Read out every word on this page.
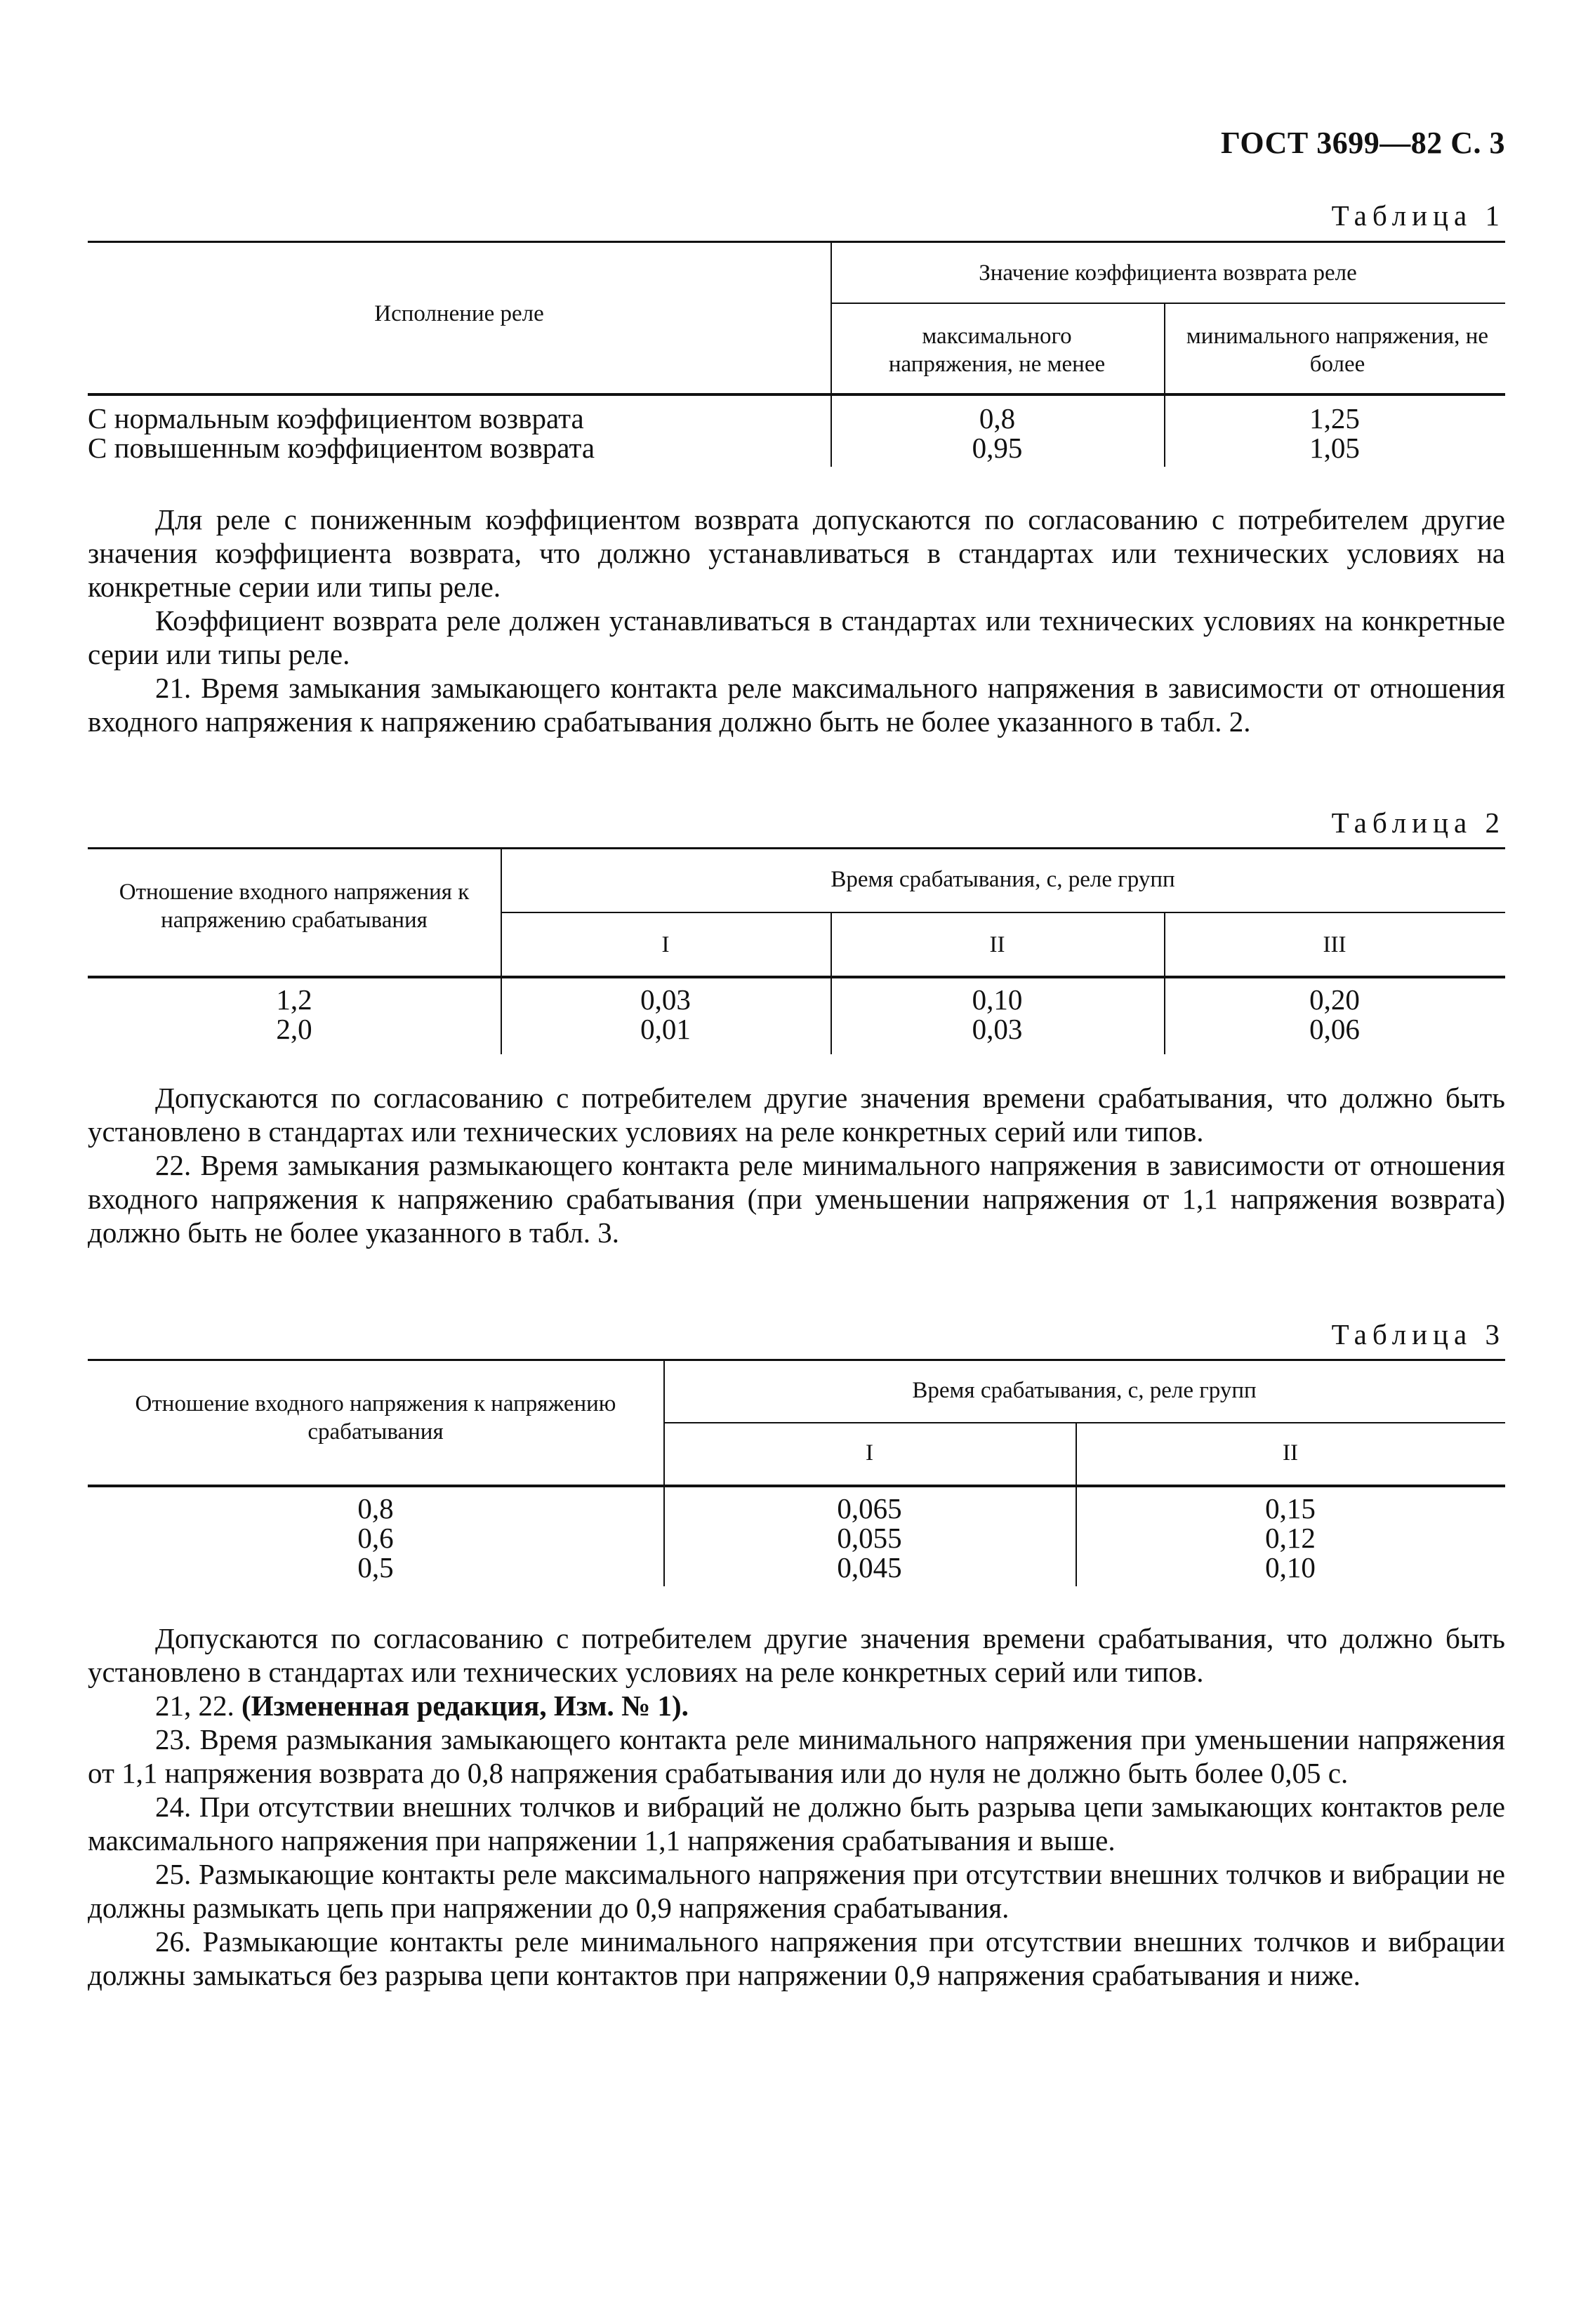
ГОСТ 3699—82 С. 3
Таблица 1
Исполнение реле
Значение коэффициента возврата реле
максимального напряжения, не менее
минимального напряжения, не более
С нормальным коэффициентом возврата	0,8	1,25
С повышенным коэффициентом возврата	0,95	1,05

Для реле с пониженным коэффициентом возврата допускаются по согласованию с потребителем другие значения коэффициента возврата, что должно устанавливаться в стандартах или технических условиях на конкретные серии или типы реле.

Коэффициент возврата реле должен устанавливаться в стандартах или технических условиях на конкретные серии или типы реле.

21. Время замыкания замыкающего контакта реле максимального напряжения в зависимости от отношения входного напряжения к напряжению срабатывания должно быть не более указанного в табл. 2.

Таблица 2
Отношение входного напряжения к напряжению срабатывания
Время срабатывания, с, реле групп
I	II	III
1,2	0,03	0,10	0,20
2,0	0,01	0,03	0,06

Допускаются по согласованию с потребителем другие значения времени срабатывания, что должно быть установлено в стандартах или технических условиях на реле конкретных серий или типов.

22. Время замыкания размыкающего контакта реле минимального напряжения в зависимости от отношения входного напряжения к напряжению срабатывания (при уменьшении напряжения от 1,1 напряжения возврата) должно быть не более указанного в табл. 3.

Таблица 3
Отношение входного напряжения к напряжению срабатывания
Время срабатывания, с, реле групп
I	II
0,8	0,065	0,15
0,6	0,055	0,12
0,5	0,045	0,10

Допускаются по согласованию с потребителем другие значения времени срабатывания, что должно быть установлено в стандартах или технических условиях на реле конкретных серий или типов.

21, 22. (Измененная редакция, Изм. № 1).

23. Время размыкания замыкающего контакта реле минимального напряжения при уменьшении напряжения от 1,1 напряжения возврата до 0,8 напряжения срабатывания или до нуля не должно быть более 0,05 с.

24. При отсутствии внешних толчков и вибраций не должно быть разрыва цепи замыкающих контактов реле максимального напряжения при напряжении 1,1 напряжения срабатывания и выше.

25. Размыкающие контакты реле максимального напряжения при отсутствии внешних толчков и вибрации не должны размыкать цепь при напряжении до 0,9 напряжения срабатывания.

26. Размыкающие контакты реле минимального напряжения при отсутствии внешних толчков и вибрации должны замыкаться без разрыва цепи контактов при напряжении 0,9 напряжения срабатывания и ниже.
